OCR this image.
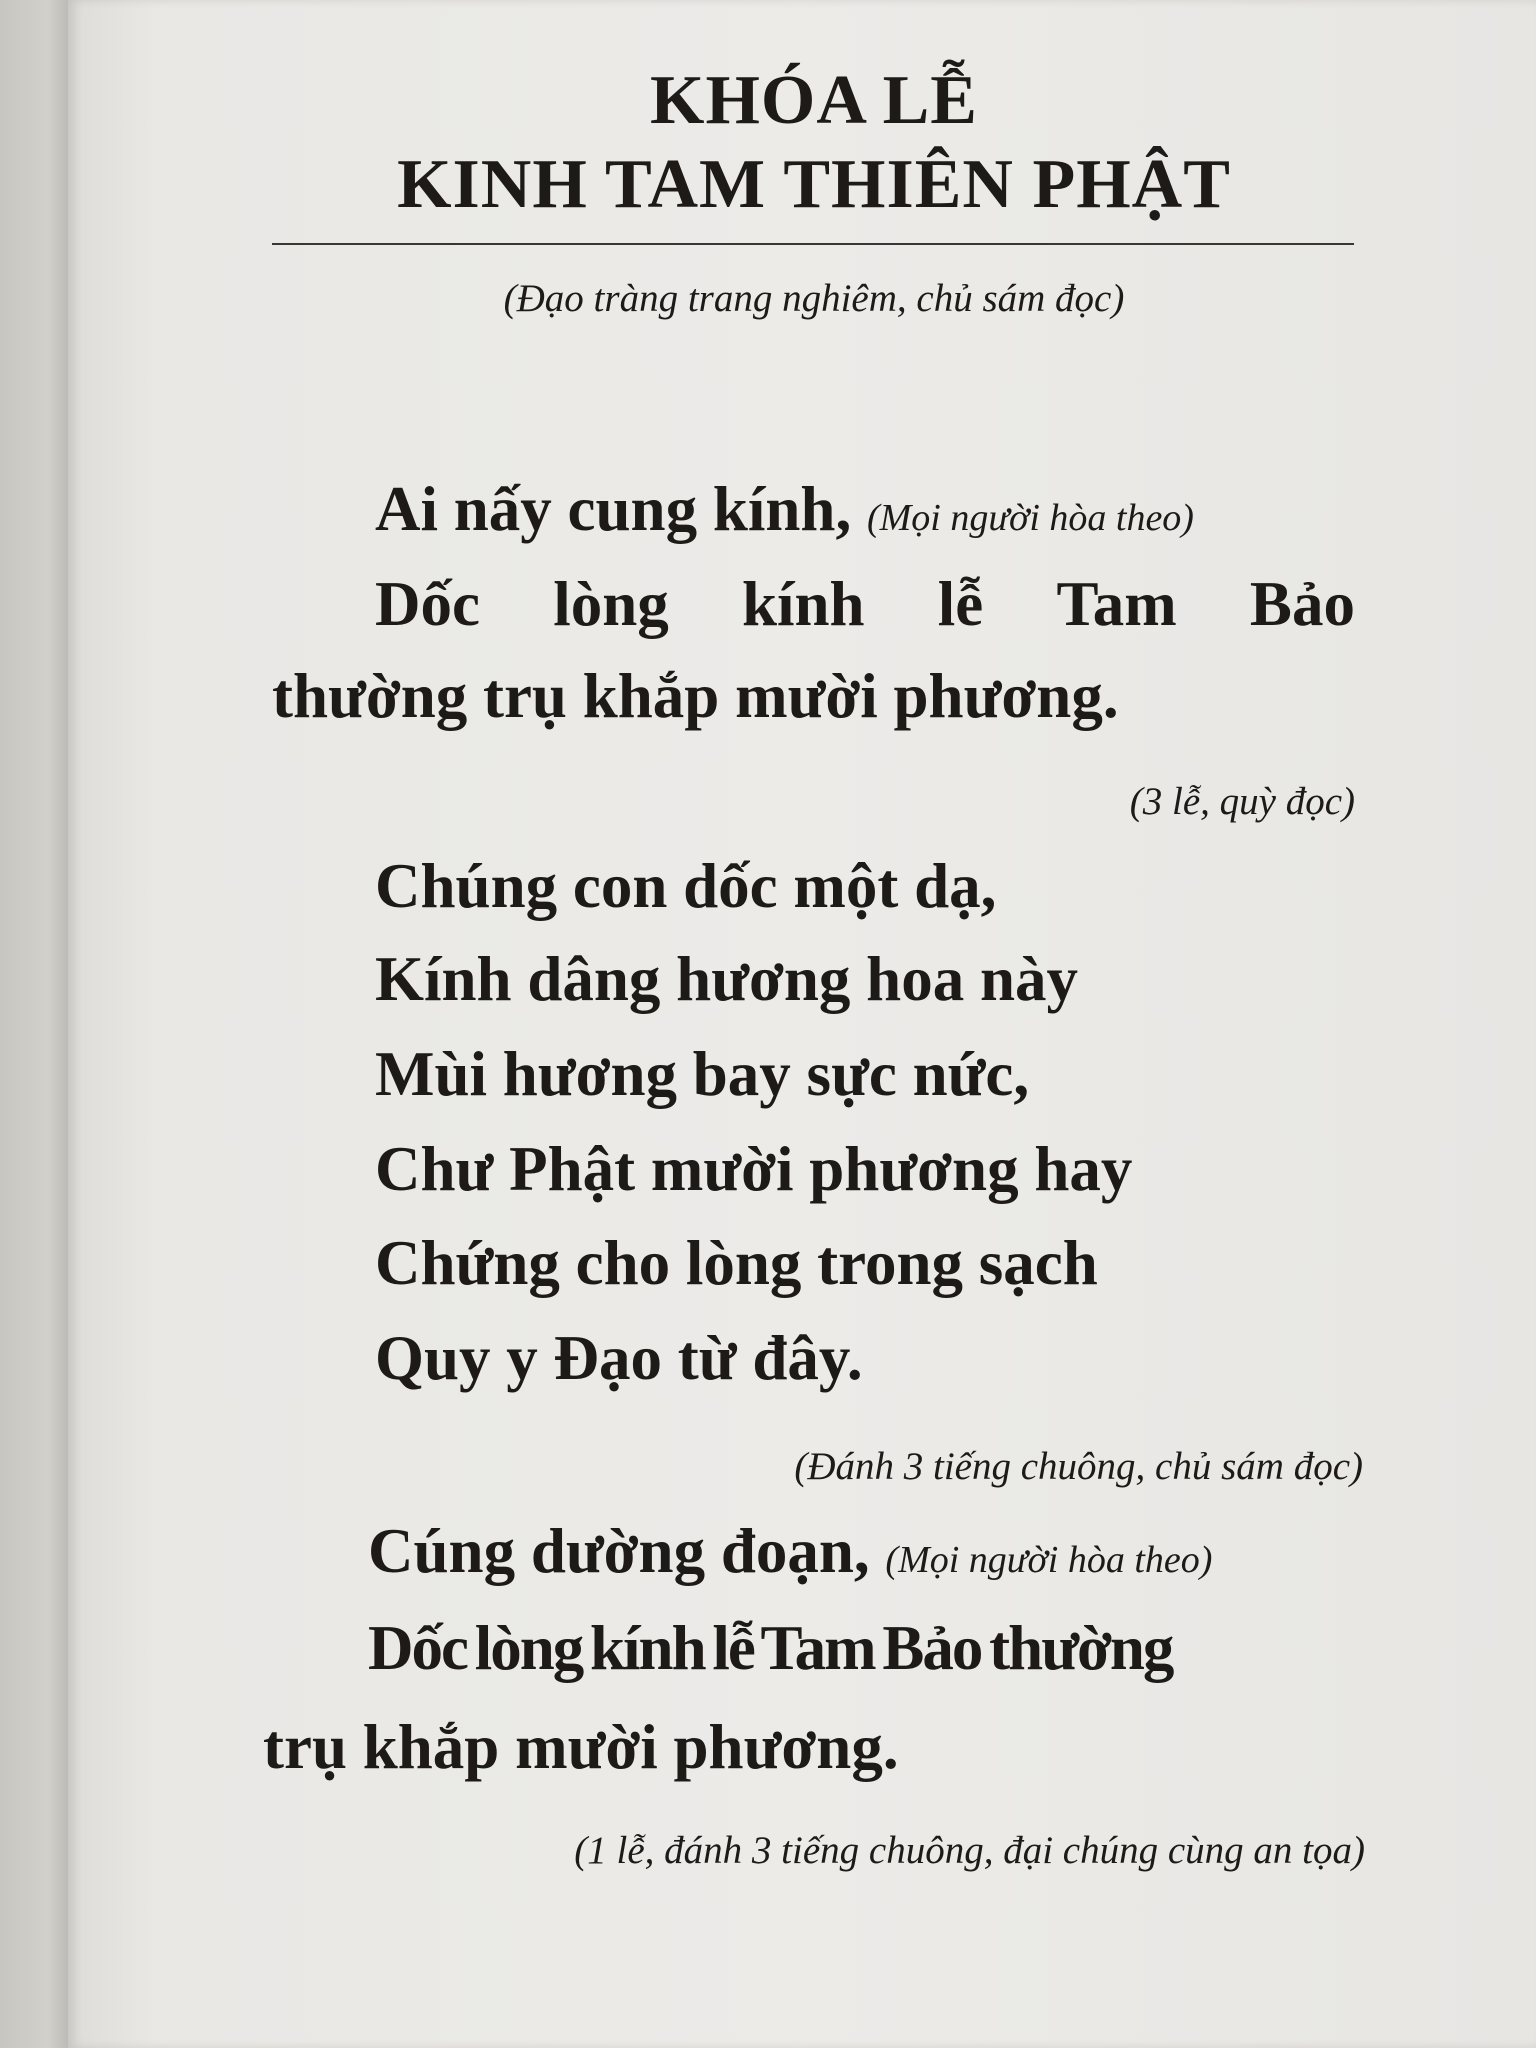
KHÓA LỄ
KINH TAM THIÊN PHẬT
(Đạo tràng trang nghiêm, chủ sám đọc)
Ai nấy cung kính, (Mọi người hòa theo)
Dốc lòng kính lễ Tam Bảo
thường trụ khắp mười phương.
(3 lễ, quỳ đọc)
Chúng con dốc một dạ,
Kính dâng hương hoa này
Mùi hương bay sực nức,
Chư Phật mười phương hay
Chứng cho lòng trong sạch
Quy y Đạo từ đây.
(Đánh 3 tiếng chuông, chủ sám đọc)
Cúng dường đoạn, (Mọi người hòa theo)
Dốc lòng kính lễ Tam Bảo thường
trụ khắp mười phương.
(1 lễ, đánh 3 tiếng chuông, đại chúng cùng an tọa)
